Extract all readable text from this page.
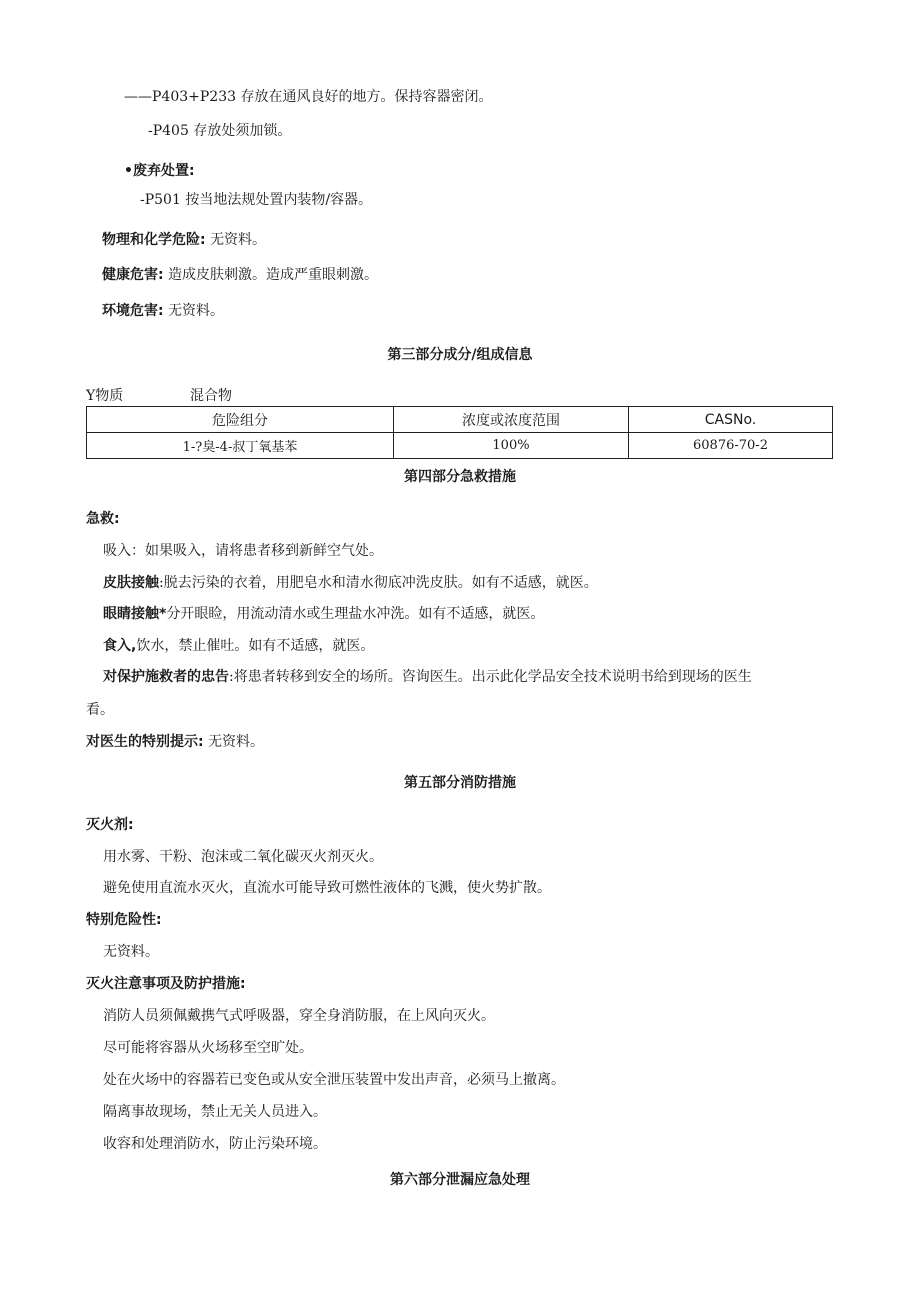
——P403+P233 存放在通风良好的地方。保持容器密闭。
-P405 存放处须加锁。
•废弃处置:
-P501 按当地法规处置内装物/容器。
物理和化学危险: 无资料。
健康危害: 造成皮肤刺激。造成严重眼刺激。
环境危害: 无资料。
第三部分成分/组成信息
Y物质	混合物
危险组分	浓度或浓度范围	CASNo.
1-?臭-4-叔丁氧基苯	100%	60876-70-2
第四部分急救措施
急救:
吸入：如果吸入，请将患者移到新鲜空气处。
皮肤接触:脱去污染的衣着，用肥皂水和清水彻底冲洗皮肤。如有不适感，就医。
眼睛接触*分开眼睑，用流动清水或生理盐水冲洗。如有不适感，就医。
食入,饮水，禁止催吐。如有不适感，就医。
对保护施救者的忠告:将患者转移到安全的场所。咨询医生。出示此化学品安全技术说明书给到现场的医生
看。
对医生的特别提示: 无资料。
第五部分消防措施
灭火剂:
用水雾、干粉、泡沫或二氧化碳灭火剂灭火。
避免使用直流水灭火，直流水可能导致可燃性液体的飞溅，使火势扩散。
特别危险性:
无资料。
灭火注意事项及防护措施:
消防人员须佩戴携气式呼吸器，穿全身消防服，在上风向灭火。
尽可能将容器从火场移至空旷处。
处在火场中的容器若已变色或从安全泄压装置中发出声音，必须马上撤离。
隔离事故现场，禁止无关人员进入。
收容和处理消防水，防止污染环境。
第六部分泄漏应急处理
